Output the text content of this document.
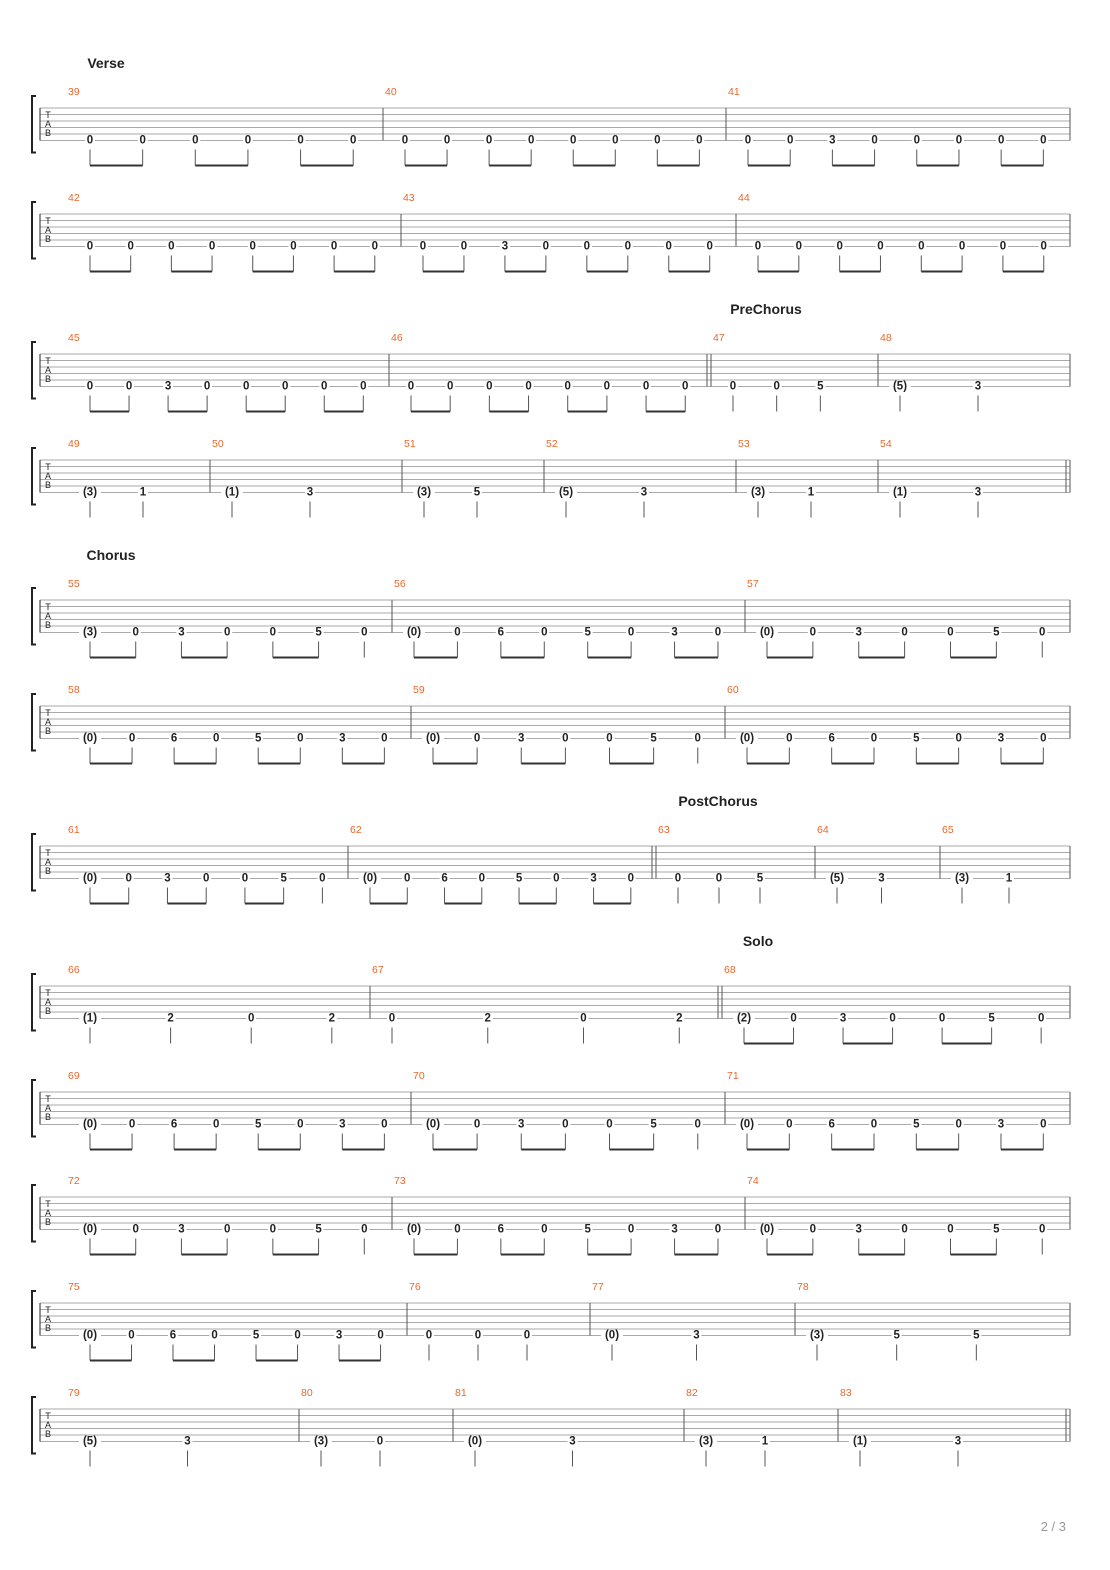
Verse
T
A
B
39
0	0	0	0	0	0
40
0	0	0	0	0	0	0	0
41
0	0	3	0	0	0	0	0
T
A
B
42
0	0	0	0	0	0	0	0
43
0	0	3	0	0	0	0	0
44
0	0	0	0	0	0	0	0
PreChorus
T
A
B
45
0	0	3	0	0	0	0	0
46
0	0	0	0	0	0	0	0
47
0	0	5
48
(5)	3
T
A
B
49
(3)	1
50
(1)	3
51
(3)	5
52
(5)	3
53
(3)	1
54
(1)	3
Chorus
T
A
B
55
(3)	0	3	0	0	5	0
56
(0)	0	6	0	5	0	3	0
57
(0)	0	3	0	0	5	0
T
A
B
58
(0)	0	6	0	5	0	3	0
59
(0)	0	3	0	0	5	0
60
(0)	0	6	0	5	0	3	0
PostChorus
T
A
B
61
(0) 0	3	0	0	5	0
62
(0) 0	6	0	5	0	3	0
63
0	0	5
64
(5)	3
65
(3)	1
Solo
T
A
B
66
(1)	2	0	2
67
0	2	0	2
68
(2)	0	3	0	0	5	0
T
A
B
69
(0)	0	6	0	5	0	3	0
70
(0)	0	3	0	0	5	0
71
(0)	0	6	0	5	0	3	0
T
A
B
72
(0)	0	3	0	0	5	0
73
(0)	0	6	0	5	0	3	0
74
(0)	0	3	0	0	5	0
T
A
B
75
(0)	0	6	0	5	0	3	0
76
0	0	0
77
(0)	3
78
(3)	5	5
T
A
B
79
(5)	3
80
(3)	0
81
(0)	3
82
(3)	1
83
(1)	3
2 / 3
